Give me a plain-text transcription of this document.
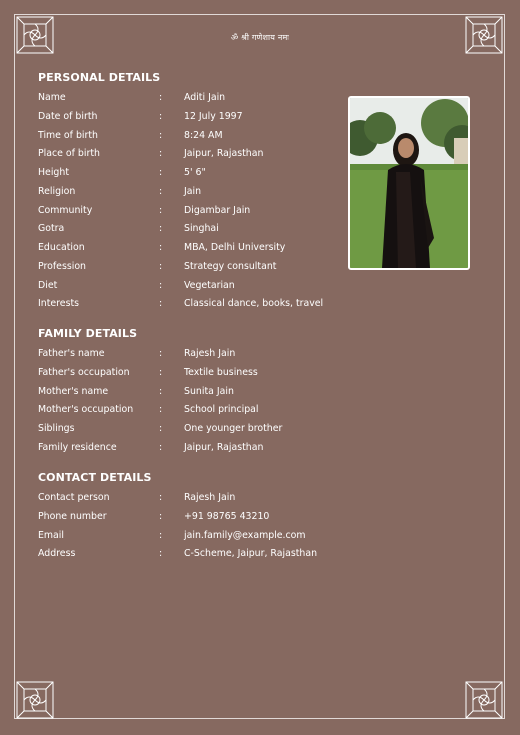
ॐ श्री गणेशाय नमः
PERSONAL DETAILS
Name	: Aditi Jain
Date of birth	: 12 July 1997
Time of birth	: 8:24 AM
Place of birth	: Jaipur, Rajasthan
Height	: 5' 6"
Religion	: Jain
Community	: Digambar Jain
Gotra	: Singhai
Education	: MBA, Delhi University
Profession	: Strategy consultant
Diet	: Vegetarian
Interests	: Classical dance, books, travel
FAMILY DETAILS
Father's name	: Rajesh Jain
Father's occupation	: Textile business
Mother's name	: Sunita Jain
Mother's occupation	: School principal
Siblings	: One younger brother
Family residence	: Jaipur, Rajasthan
CONTACT DETAILS
Contact person	: Rajesh Jain
Phone number	: +91 98765 43210
Email	: jain.family@example.com
Address	: C-Scheme, Jaipur, Rajasthan
